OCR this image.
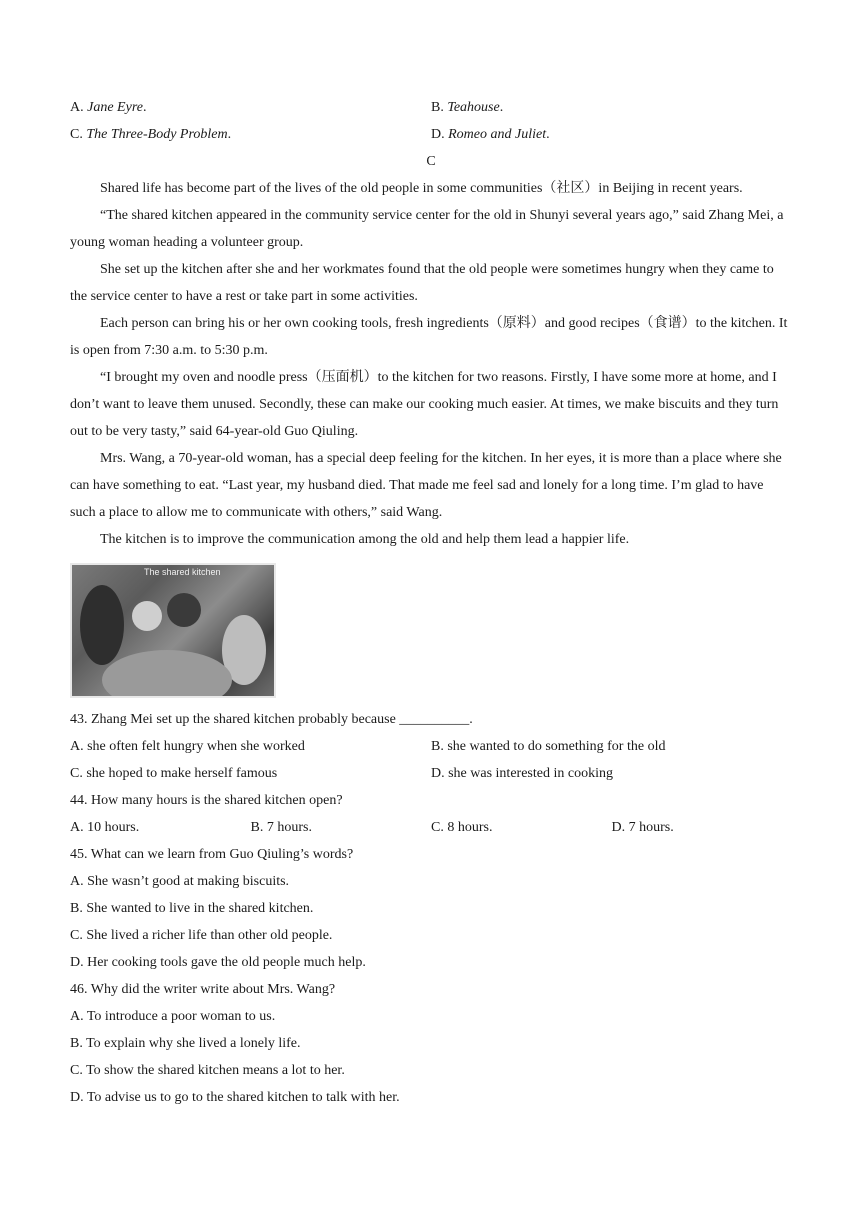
A. Jane Eyre.	B. Teahouse.
C. The Three-Body Problem.	D. Romeo and Juliet.
C
Shared life has become part of the lives of the old people in some communities（社区）in Beijing in recent years.
“The shared kitchen appeared in the community service center for the old in Shunyi several years ago,” said Zhang Mei, a young woman heading a volunteer group.
She set up the kitchen after she and her workmates found that the old people were sometimes hungry when they came to the service center to have a rest or take part in some activities.
Each person can bring his or her own cooking tools, fresh ingredients（原料）and good recipes（食谱）to the kitchen. It is open from 7:30 a.m. to 5:30 p.m.
“I brought my oven and noodle press（压面机）to the kitchen for two reasons. Firstly, I have some more at home, and I don’t want to leave them unused. Secondly, these can make our cooking much easier. At times, we make biscuits and they turn out to be very tasty,” said 64-year-old Guo Qiuling.
Mrs. Wang, a 70-year-old woman, has a special deep feeling for the kitchen. In her eyes, it is more than a place where she can have something to eat. “Last year, my husband died. That made me feel sad and lonely for a long time. I’m glad to have such a place to allow me to communicate with others,” said Wang.
The kitchen is to improve the communication among the old and help them lead a happier life.
The shared kitchen
43. Zhang Mei set up the shared kitchen probably because __________.
A. she often felt hungry when she worked	B. she wanted to do something for the old
C. she hoped to make herself famous	D. she was interested in cooking
44. How many hours is the shared kitchen open?
A. 10 hours.	B. 7 hours.	C. 8 hours.	D. 7 hours.
45. What can we learn from Guo Qiuling’s words?
A. She wasn’t good at making biscuits.
B. She wanted to live in the shared kitchen.
C. She lived a richer life than other old people.
D. Her cooking tools gave the old people much help.
46. Why did the writer write about Mrs. Wang?
A. To introduce a poor woman to us.
B. To explain why she lived a lonely life.
C. To show the shared kitchen means a lot to her.
D. To advise us to go to the shared kitchen to talk with her.
